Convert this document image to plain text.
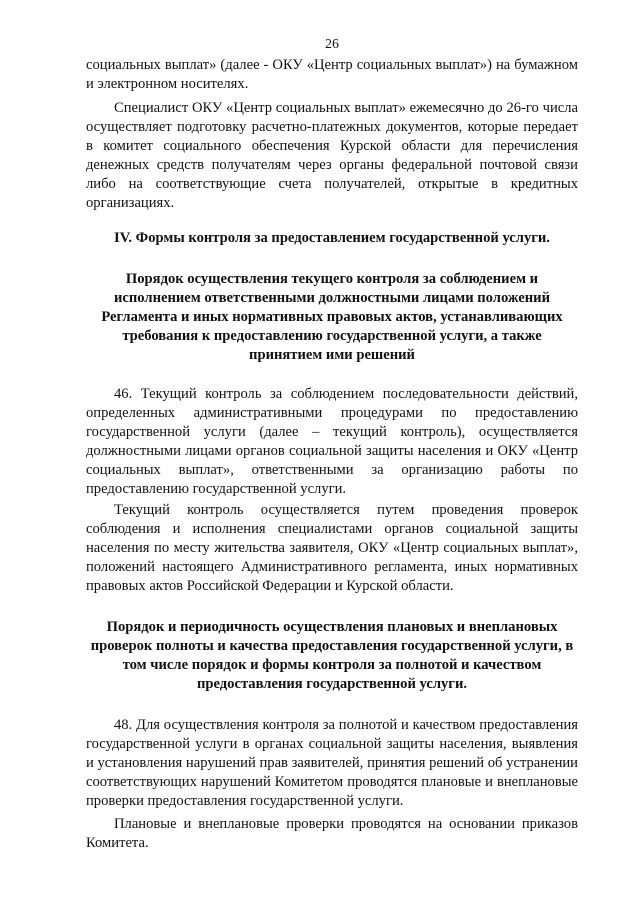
26

социальных выплат» (далее - ОКУ «Центр социальных выплат») на бумажном и электронном носителях.

Специалист ОКУ «Центр социальных выплат» ежемесячно до 26-го числа осуществляет подготовку расчетно-платежных документов, которые передает в комитет социального обеспечения Курской области для перечисления денежных средств получателям через органы федеральной почтовой связи либо на соответствующие счета получателей, открытые в кредитных организациях.

IV. Формы контроля за предоставлением государственной услуги.
Порядок осуществления текущего контроля за соблюдением и исполнением ответственными должностными лицами положений Регламента и иных нормативных правовых актов, устанавливающих требования к предоставлению государственной услуги, а также принятием ими решений

46. Текущий контроль за соблюдением последовательности действий, определенных административными процедурами по предоставлению государственной услуги (далее – текущий контроль), осуществляется должностными лицами органов социальной защиты населения и ОКУ «Центр социальных выплат», ответственными за организацию работы по предоставлению государственной услуги.

Текущий контроль осуществляется путем проведения проверок соблюдения и исполнения специалистами органов социальной защиты населения по месту жительства заявителя, ОКУ «Центр социальных выплат», положений настоящего Административного регламента, иных нормативных правовых актов Российской Федерации и Курской области.

Порядок и периодичность осуществления плановых и внеплановых проверок полноты и качества предоставления государственной услуги, в том числе порядок и формы контроля за полнотой и качеством предоставления государственной услуги.

48. Для осуществления контроля за полнотой и качеством предоставления государственной услуги в органах социальной защиты населения, выявления и установления нарушений прав заявителей, принятия решений об устранении соответствующих нарушений Комитетом проводятся плановые и внеплановые проверки предоставления государственной услуги.

Плановые и внеплановые проверки проводятся на основании приказов Комитета.
